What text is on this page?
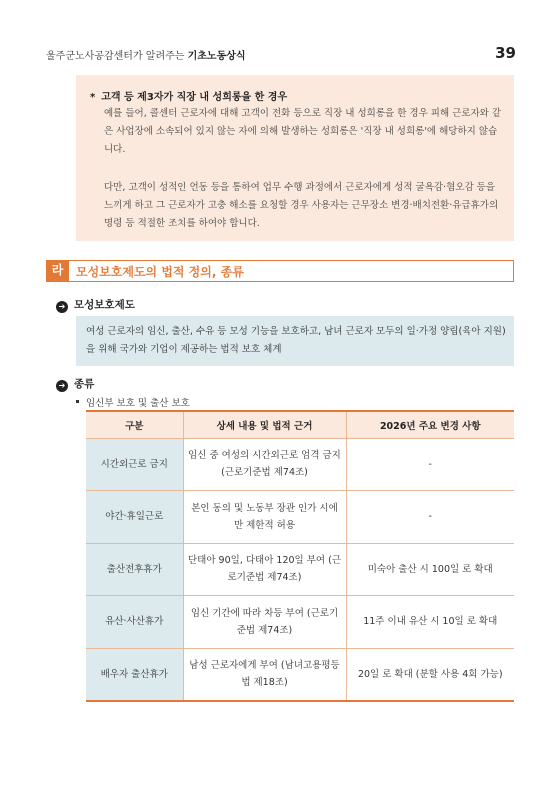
울주군노사공감센터가 알려주는 기초노동상식	39
* 고객 등 제3자가 직장 내 성희롱을 한 경우

예를 들어, 콜센터 근로자에 대해 고객이 전화 등으로 직장 내 성희롱을 한 경우 피해 근로자와 같은 사업장에 소속되어 있지 않는 자에 의해 발생하는 성희롱은 '직장 내 성희롱'에 해당하지 않습니다.

다만, 고객이 성적인 언동 등을 통하여 업무 수행 과정에서 근로자에게 성적 굴욕감·혐오감 등을 느끼게 하고 그 근로자가 고충 해소를 요청할 경우 사용자는 근무장소 변경·배치전환·유급휴가의 명령 등 적절한 조치를 하여야 합니다.

라	모성보호제도의 법적 정의, 종류
➔ 모성보호제도

여성 근로자의 임신, 출산, 수유 등 모성 기능을 보호하고, 남녀 근로자 모두의 일·가정 양립(육아 지원)을 위해 국가와 기업이 제공하는 법적 보호 체계

➔ 종류
임신부 보호 및 출산 보호
구분	상세 내용 및 법적 근거	2026년 주요 변경 사항
시간외근로 금지	임신 중 여성의 시간외근로 엄격 금지 (근로기준법 제74조)	-
야간·휴일근로	본인 동의 및 노동부 장관 인가 시에만 제한적 허용	-
출산전후휴가	단태아 90일, 다태아 120일 부여 (근로기준법 제74조)	미숙아 출산 시 100일 로 확대
유산·사산휴가	임신 기간에 따라 차등 부여 (근로기준법 제74조)	11주 이내 유산 시 10일 로 확대
배우자 출산휴가	남성 근로자에게 부여 (남녀고용평등법 제18조)	20일 로 확대 (분할 사용 4회 가능)
